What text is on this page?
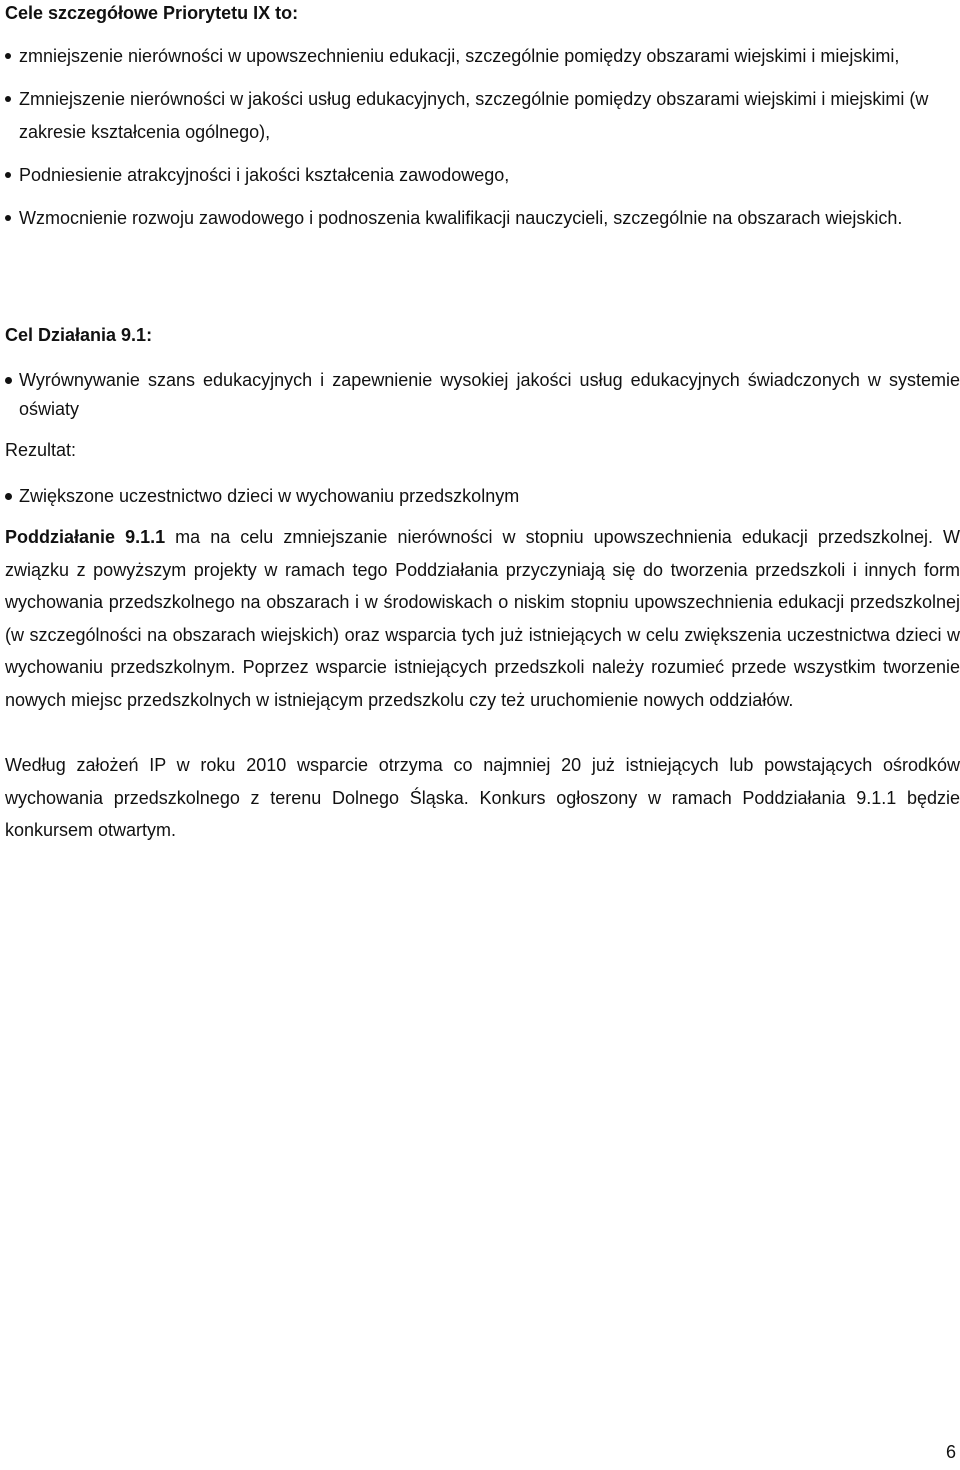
Cele szczegółowe Priorytetu IX to:
zmniejszenie nierówności w upowszechnieniu edukacji, szczególnie pomiędzy obszarami wiejskimi i miejskimi,
Zmniejszenie nierówności w jakości usług edukacyjnych, szczególnie pomiędzy obszarami wiejskimi i miejskimi (w zakresie kształcenia ogólnego),
Podniesienie atrakcyjności i jakości kształcenia zawodowego,
Wzmocnienie rozwoju zawodowego i podnoszenia kwalifikacji nauczycieli, szczególnie na obszarach wiejskich.
Cel Działania 9.1:
Wyrównywanie szans edukacyjnych i zapewnienie wysokiej jakości usług edukacyjnych świadczonych w systemie oświaty
Rezultat:
Zwiększone uczestnictwo dzieci w wychowaniu przedszkolnym

Poddziałanie 9.1.1 ma na celu zmniejszanie nierówności w stopniu upowszechnienia edukacji przedszkolnej. W związku z powyższym projekty w ramach tego Poddziałania przyczyniają się do tworzenia przedszkoli i innych form wychowania przedszkolnego na obszarach i w środowiskach o niskim stopniu upowszechnienia edukacji przedszkolnej (w szczególności na obszarach wiejskich) oraz wsparcia tych już istniejących w celu zwiększenia uczestnictwa dzieci w wychowaniu przedszkolnym. Poprzez wsparcie istniejących przedszkoli należy rozumieć przede wszystkim tworzenie nowych miejsc przedszkolnych w istniejącym przedszkolu czy też uruchomienie nowych oddziałów.

Według założeń IP w roku 2010 wsparcie otrzyma co najmniej 20 już istniejących lub powstających ośrodków wychowania przedszkolnego z terenu Dolnego Śląska. Konkurs ogłoszony w ramach Poddziałania 9.1.1 będzie konkursem otwartym.

6
